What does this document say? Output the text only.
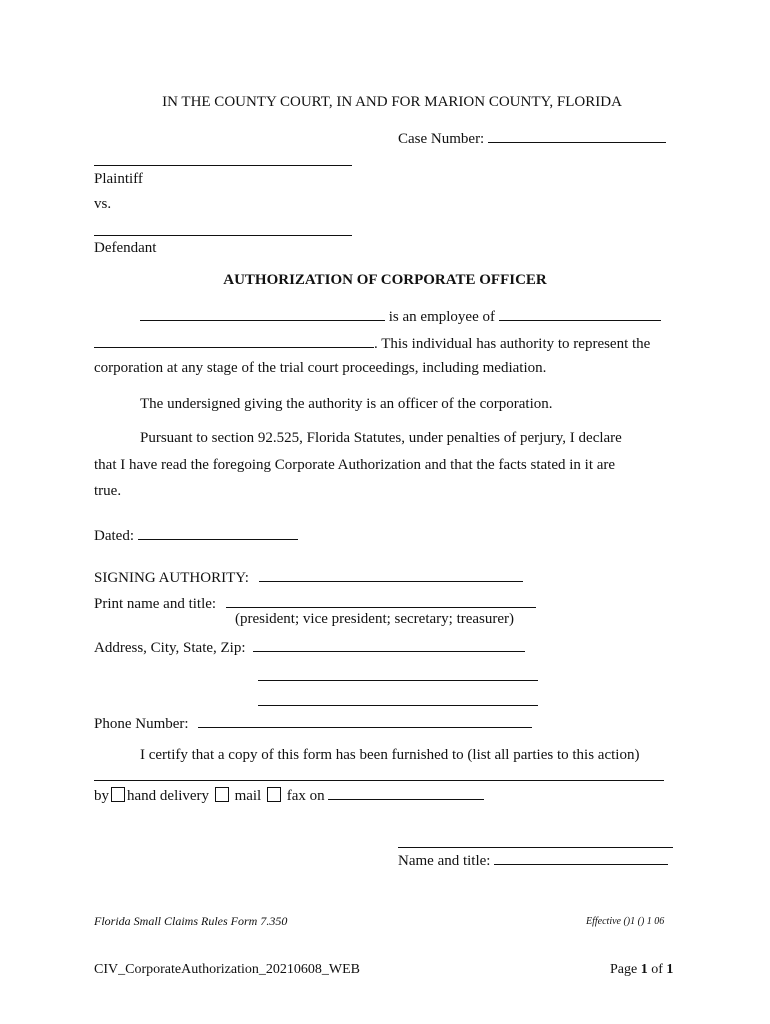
IN THE COUNTY COURT, IN AND FOR MARION COUNTY, FLORIDA
Case Number:
Plaintiff
vs.
Defendant
AUTHORIZATION OF CORPORATE OFFICER
is an employee of
. This individual has authority to represent the
corporation at any stage of the trial court proceedings, including mediation.
The undersigned giving the authority is an officer of the corporation.
Pursuant to section 92.525, Florida Statutes, under penalties of perjury, I declare
that I have read the foregoing Corporate Authorization and that the facts stated in it are
true.
Dated:
SIGNING AUTHORITY:
Print name and title:
(president; vice president; secretary; treasurer)
Address, City, State, Zip:
Phone Number:
I certify that a copy of this form has been furnished to (list all parties to this action)
by hand delivery mail fax on
Name and title:
Florida Small Claims Rules Form 7.350	Effective ()1 () 1 06
CIV_CorporateAuthorization_20210608_WEB	Page 1 of 1
